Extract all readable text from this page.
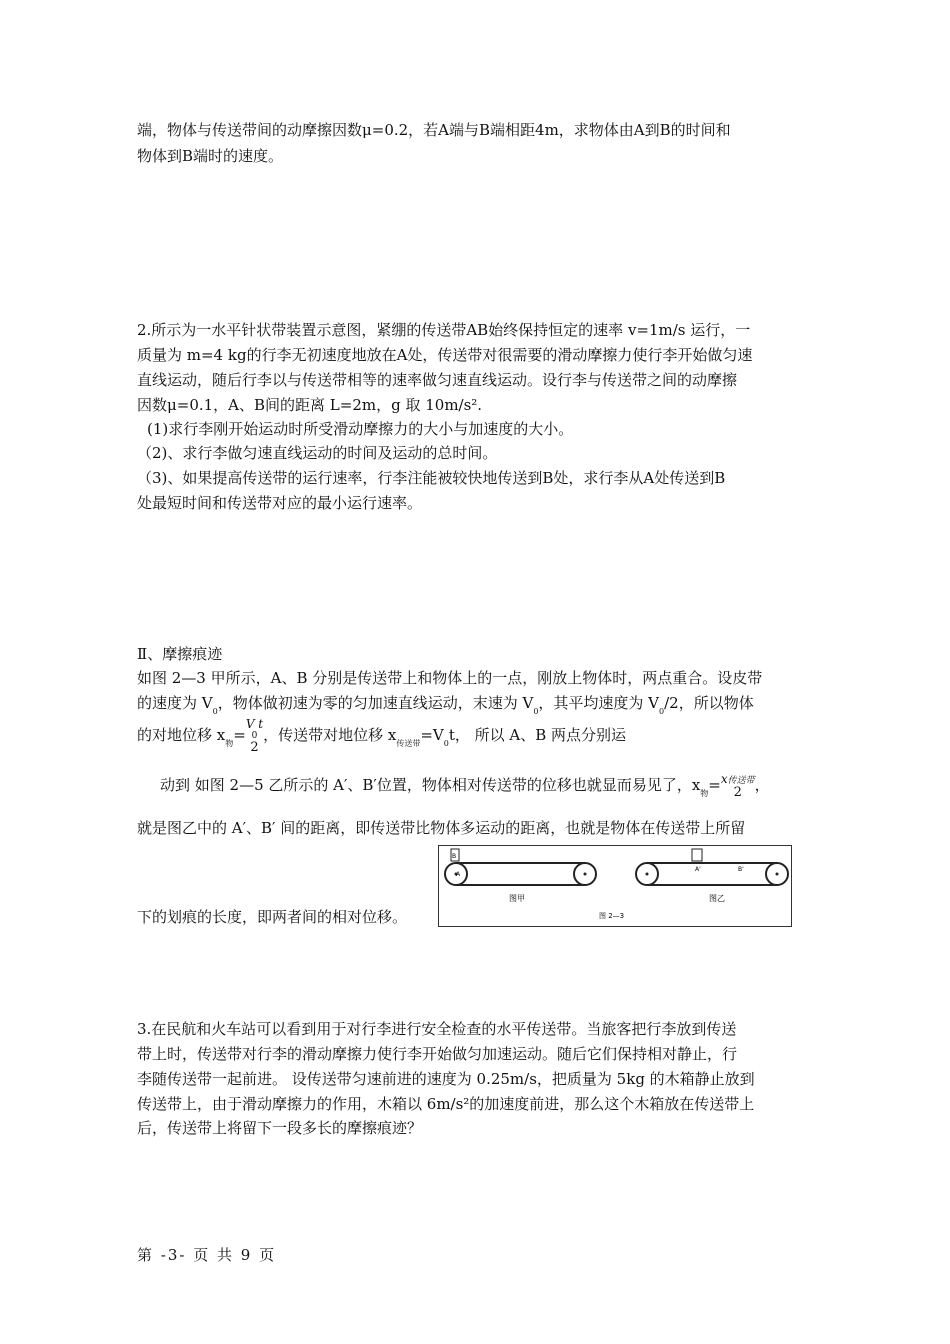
端，物体与传送带间的动摩擦因数μ=0.2，若A端与B端相距4m，求物体由A到B的时间和

物体到B端时的速度。

2.所示为一水平针状带装置示意图，紧绷的传送带AB始终保持恒定的速率 v=1m/s 运行，一

质量为 m=4 kg的行李无初速度地放在A处，传送带对很需要的滑动摩擦力使行李开始做匀速

直线运动，随后行李以与传送带相等的速率做匀速直线运动。设行李与传送带之间的动摩擦

因数μ=0.1，A、B间的距离 L=2m，g 取 10m/s².

(1)求行李刚开始运动时所受滑动摩擦力的大小与加速度的大小。

（2)、求行李做匀速直线运动的时间及运动的总时间。

（3)、如果提高传送带的运行速率，行李注能被较快地传送到B处，求行李从A处传送到B

处最短时间和传送带对应的最小运行速率。

Ⅱ、摩擦痕迹

如图 2—3 甲所示，A、B 分别是传送带上和物体上的一点，刚放上物体时，两点重合。设皮带

的速度为 $V_0$，物体做初速为零的匀加速直线运动，末速为 $V_0$，其平均速度为 $V_0/2$，所以物体

的对地位移 $x_物=$
V t
0
2
，传送带对地位移 $x_{传送带}=V_0t$， 所以 A、B 两点分别运

动到 如图 2—5 乙所示的 A′、B′位置，物体相对传送带的位移也就显而易见了，$x_物= x$传送带
2 ，

就是图乙中的 A′、B′ 间的距离，即传送带比物体多运动的距离，也就是物体在传送带上所留

下的划痕的长度，即两者间的相对位移。

B
A
图甲
A'	B'
图乙
图 2—3

3.在民航和火车站可以看到用于对行李进行安全检查的水平传送带。当旅客把行李放到传送

带上时，传送带对行李的滑动摩擦力使行李开始做匀加速运动。随后它们保持相对静止，行

李随传送带一起前进。 设传送带匀速前进的速度为 0.25m/s，把质量为 5kg 的木箱静止放到

传送带上，由于滑动摩擦力的作用，木箱以 6m/s²的加速度前进，那么这个木箱放在传送带上

后，传送带上将留下一段多长的摩擦痕迹？

第 -3- 页 共 9 页
